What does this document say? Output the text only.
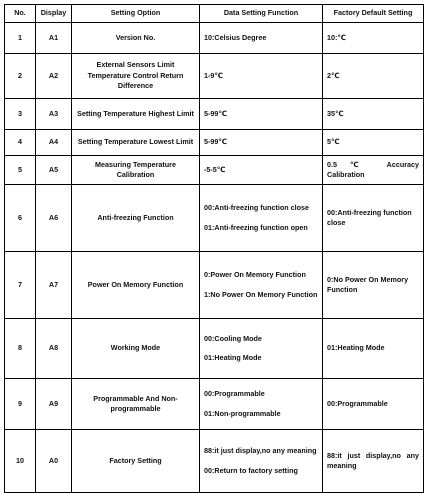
No.	Display	Setting Option	Data Setting Function	Factory Default Setting
1	A1	Version No.	10:Celsius Degree	10:℃

2	A2	External Sensors Limit Temperature Control Return Difference	1-9℃	2℃

3	A3	Setting Temperature Highest Limit	5-99℃	35℃

4	A4	Setting Temperature Lowest Limit	5-99℃	5℃

5	A5	Measuring Temperature Calibration	-5-5℃	0.5℃ Accuracy Calibration

6	A6	Anti-freezing Function	00:Anti-freezing function close
01:Anti-freezing function open	00:Anti-freezing function close

7	A7	Power On Memory Function	0:Power On Memory Function
1:No Power On Memory Function	0:No Power On Memory Function

8	A8	Working Mode	00:Cooling Mode
01:Heating Mode	01:Heating Mode

9	A9	Programmable And Non-programmable	00:Programmable
01:Non-programmable	00:Programmable

10	A0	Factory Setting	88:it just display,no any meaning
00:Return to factory setting	88:it just display,no any meaning
